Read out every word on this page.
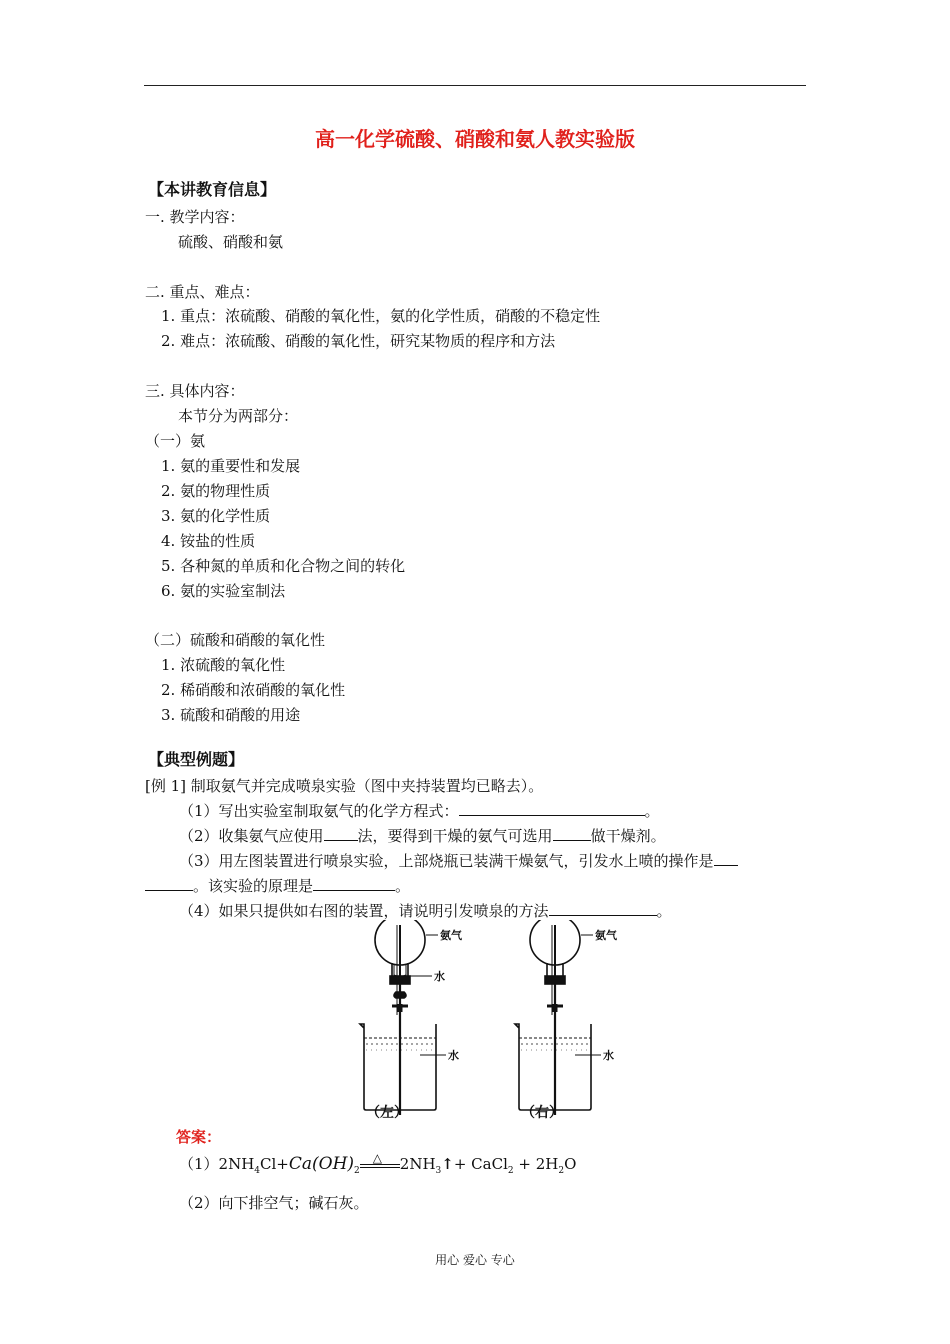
高一化学硫酸、硝酸和氨人教实验版
【本讲教育信息】
一. 教学内容：
硫酸、硝酸和氨
二. 重点、难点：
1. 重点：浓硫酸、硝酸的氧化性，氨的化学性质，硝酸的不稳定性
2. 难点：浓硫酸、硝酸的氧化性，研究某物质的程序和方法
三. 具体内容：
本节分为两部分：
（一）氨
1. 氨的重要性和发展
2. 氨的物理性质
3. 氨的化学性质
4. 铵盐的性质
5. 各种氮的单质和化合物之间的转化
6. 氨的实验室制法
（二）硫酸和硝酸的氧化性
1. 浓硫酸的氧化性
2. 稀硝酸和浓硝酸的氧化性
3. 硫酸和硝酸的用途
【典型例题】
[例 1] 制取氨气并完成喷泉实验（图中夹持装置均已略去）。
（1）写出实验室制取氨气的化学方程式：	。
（2）收集氨气应使用 法，要得到干燥的氨气可选用	做干燥剂。
（3）用左图装置进行喷泉实验，上部烧瓶已装满干燥氨气，引发水上喷的操作是
。该实验的原理是	。
（4）如果只提供如右图的装置，请说明引发喷泉的方法	。
氨气
水
水
氨气
水
（左）	（右）
答案：
$(1)2NH_4Cl+Ca(OH)_2$
△ $2NH_3↑+$ CaCl$_2$ + $2H_2O$
（2）向下排空气；碱石灰。
用心 爱心 专心
